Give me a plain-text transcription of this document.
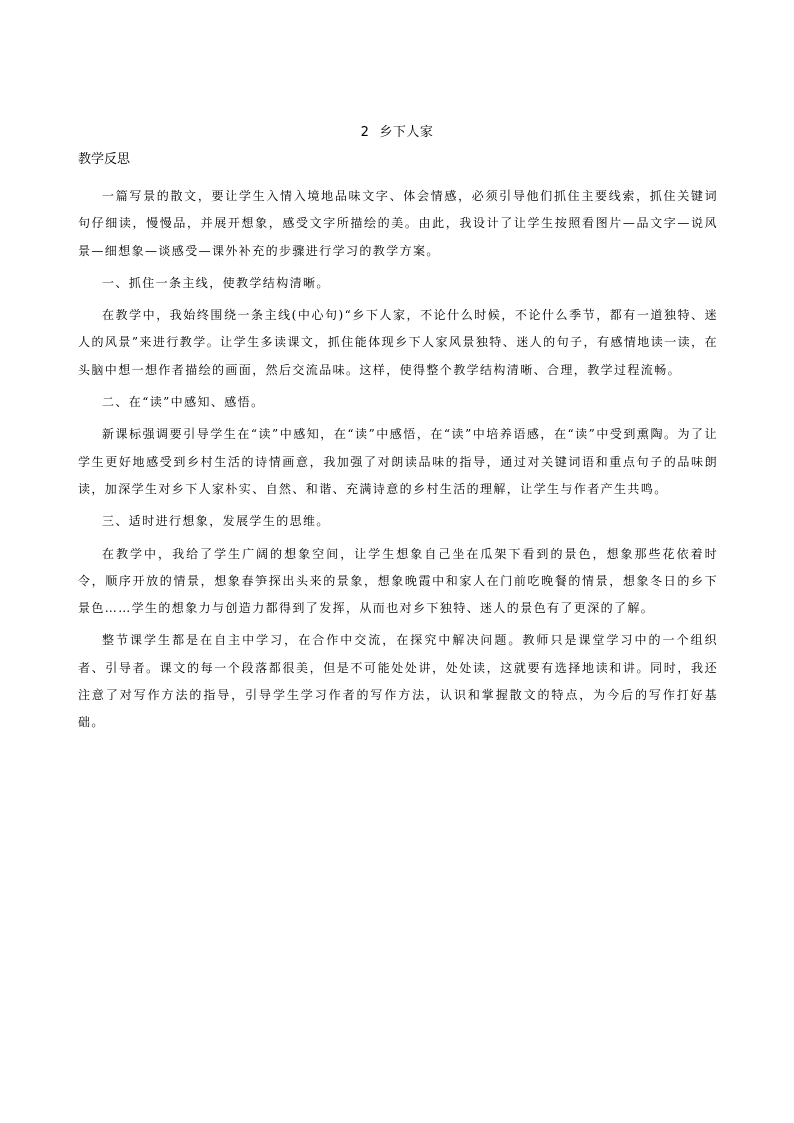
2 乡下人家
教学反思

一篇写景的散文，要让学生入情入境地品味文字、体会情感，必须引导他们抓住主要线索，抓住关键词句仔细读，慢慢品，并展开想象，感受文字所描绘的美。由此，我设计了让学生按照看图片—品文字—说风景—细想象—谈感受—课外补充的步骤进行学习的教学方案。

一、抓住一条主线，使教学结构清晰。

在教学中，我始终围绕一条主线(中心句)“乡下人家，不论什么时候，不论什么季节，都有一道独特、迷人的风景”来进行教学。让学生多读课文，抓住能体现乡下人家风景独特、迷人的句子，有感情地读一读，在头脑中想一想作者描绘的画面，然后交流品味。这样，使得整个教学结构清晰、合理，教学过程流畅。

二、在“读”中感知、感悟。

新课标强调要引导学生在“读”中感知，在“读”中感悟，在“读”中培养语感，在“读”中受到熏陶。为了让学生更好地感受到乡村生活的诗情画意，我加强了对朗读品味的指导，通过对关键词语和重点句子的品味朗读，加深学生对乡下人家朴实、自然、和谐、充满诗意的乡村生活的理解，让学生与作者产生共鸣。

三、适时进行想象，发展学生的思维。

在教学中，我给了学生广阔的想象空间，让学生想象自己坐在瓜架下看到的景色，想象那些花依着时令，顺序开放的情景，想象春笋探出头来的景象，想象晚霞中和家人在门前吃晚餐的情景，想象冬日的乡下景色……学生的想象力与创造力都得到了发挥，从而也对乡下独特、迷人的景色有了更深的了解。

整节课学生都是在自主中学习，在合作中交流，在探究中解决问题。教师只是课堂学习中的一个组织者、引导者。课文的每一个段落都很美，但是不可能处处讲，处处读，这就要有选择地读和讲。同时，我还注意了对写作方法的指导，引导学生学习作者的写作方法，认识和掌握散文的特点，为今后的写作打好基础。
